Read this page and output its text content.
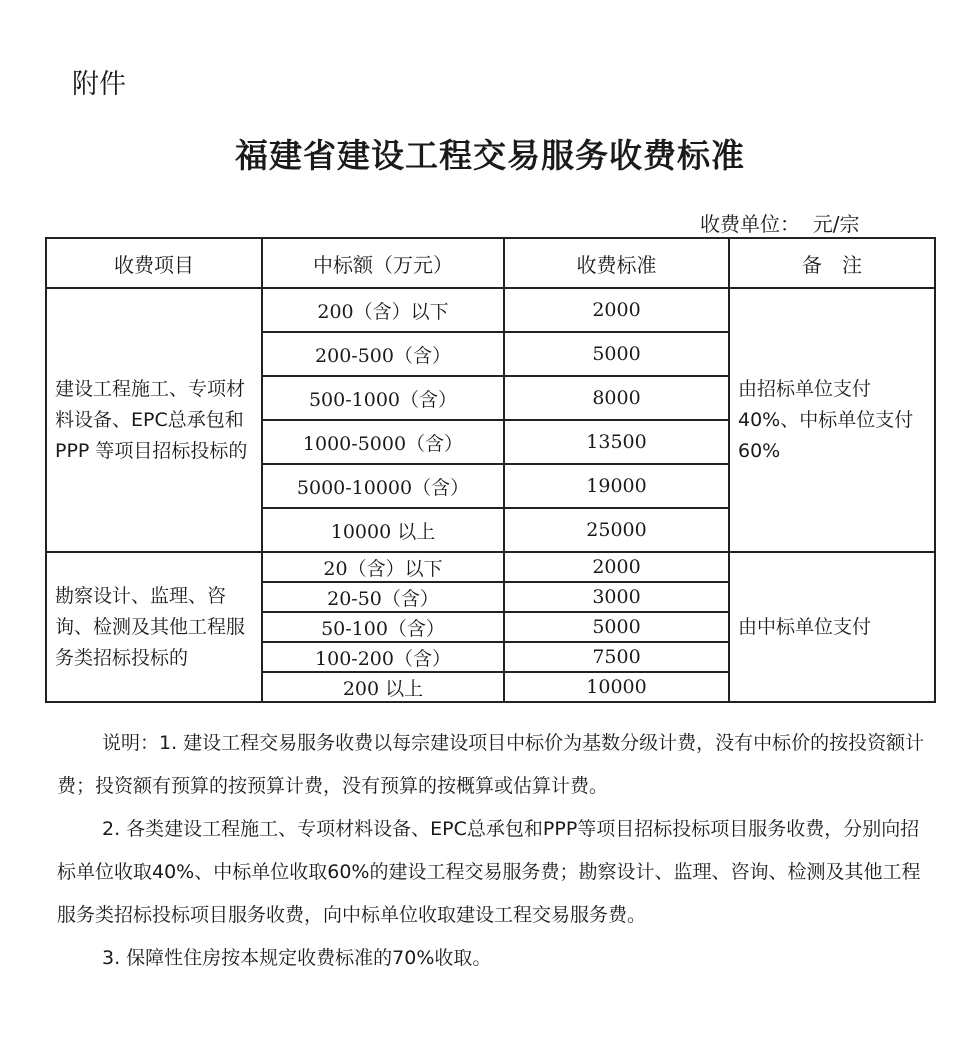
附件
福建省建设工程交易服务收费标准
收费单位：  元/宗
收费项目	中标额（万元）	收费标准	备　注
建设工程施工、专项材料设备、EPC总承包和 PPP 等项目招标投标的	200（含）以下	2000	由招标单位支付40%、中标单位支付60%
	200-500（含）	5000	
	500-1000（含）	8000	
	1000-5000（含）	13500	
	5000-10000（含）	19000	
	10000 以上	25000	
勘察设计、监理、咨询、检测及其他工程服务类招标投标的	20（含）以下	2000	由中标单位支付
	20-50（含）	3000	
	50-100（含）	5000	
	100-200（含）	7500	
	200 以上	10000	

说明：1. 建设工程交易服务收费以每宗建设项目中标价为基数分级计费，没有中标价的按投资额计费；投资额有预算的按预算计费，没有预算的按概算或估算计费。

2. 各类建设工程施工、专项材料设备、EPC总承包和PPP等项目招标投标项目服务收费，分别向招标单位收取40%、中标单位收取60%的建设工程交易服务费；勘察设计、监理、咨询、检测及其他工程服务类招标投标项目服务收费，向中标单位收取建设工程交易服务费。

3. 保障性住房按本规定收费标准的70%收取。
